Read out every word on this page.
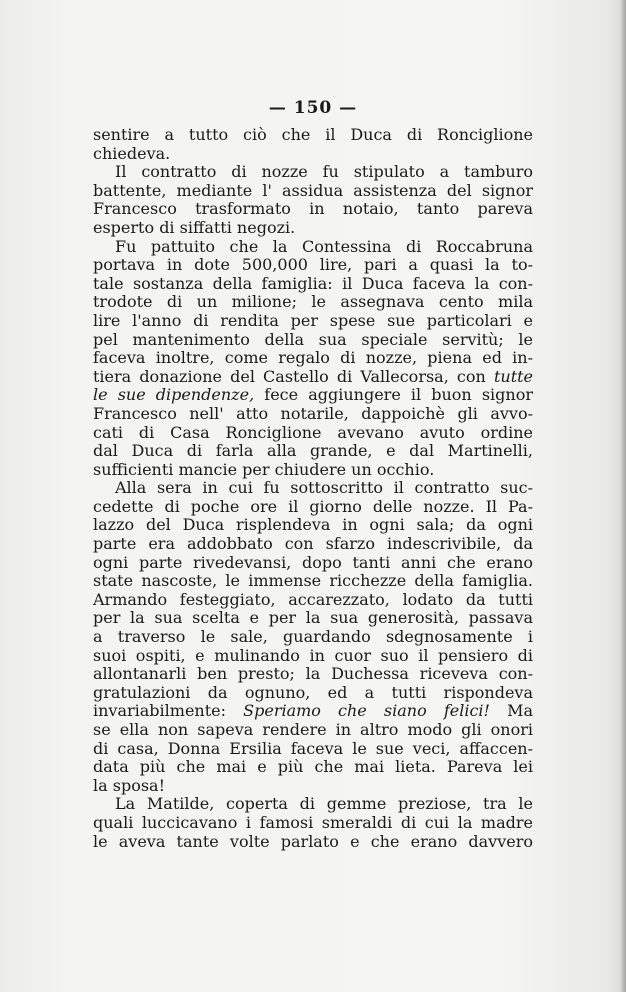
— 150 —
sentire a tutto ciò che il Duca di Ronciglione
chiedeva.
Il contratto di nozze fu stipulato a tamburo
battente, mediante l' assidua assistenza del signor
Francesco trasformato in notaio, tanto pareva
esperto di siffatti negozi.
Fu pattuito che la Contessina di Roccabruna
portava in dote 500,000 lire, pari a quasi la to-
tale sostanza della famiglia: il Duca faceva la con-
trodote di un milione; le assegnava cento mila
lire l'anno di rendita per spese sue particolari e
pel mantenimento della sua speciale servitù; le
faceva inoltre, come regalo di nozze, piena ed in-
tiera donazione del Castello di Vallecorsa, con tutte
le sue dipendenze, fece aggiungere il buon signor
Francesco nell' atto notarile, dappoichè gli avvo-
cati di Casa Ronciglione avevano avuto ordine
dal Duca di farla alla grande, e dal Martinelli,
sufficienti mancie per chiudere un occhio.
Alla sera in cui fu sottoscritto il contratto suc-
cedette di poche ore il giorno delle nozze. Il Pa-
lazzo del Duca risplendeva in ogni sala; da ogni
parte era addobbato con sfarzo indescrivibile, da
ogni parte rivedevansi, dopo tanti anni che erano
state nascoste, le immense ricchezze della famiglia.
Armando festeggiato, accarezzato, lodato da tutti
per la sua scelta e per la sua generosità, passava
a traverso le sale, guardando sdegnosamente i
suoi ospiti, e mulinando in cuor suo il pensiero di
allontanarli ben presto; la Duchessa riceveva con-
gratulazioni da ognuno, ed a tutti rispondeva
invariabilmente: Speriamo che siano felici! Ma
se ella non sapeva rendere in altro modo gli onori
di casa, Donna Ersilia faceva le sue veci, affaccen-
data più che mai e più che mai lieta. Pareva lei
la sposa!
La Matilde, coperta di gemme preziose, tra le
quali luccicavano i famosi smeraldi di cui la madre
le aveva tante volte parlato e che erano davvero
